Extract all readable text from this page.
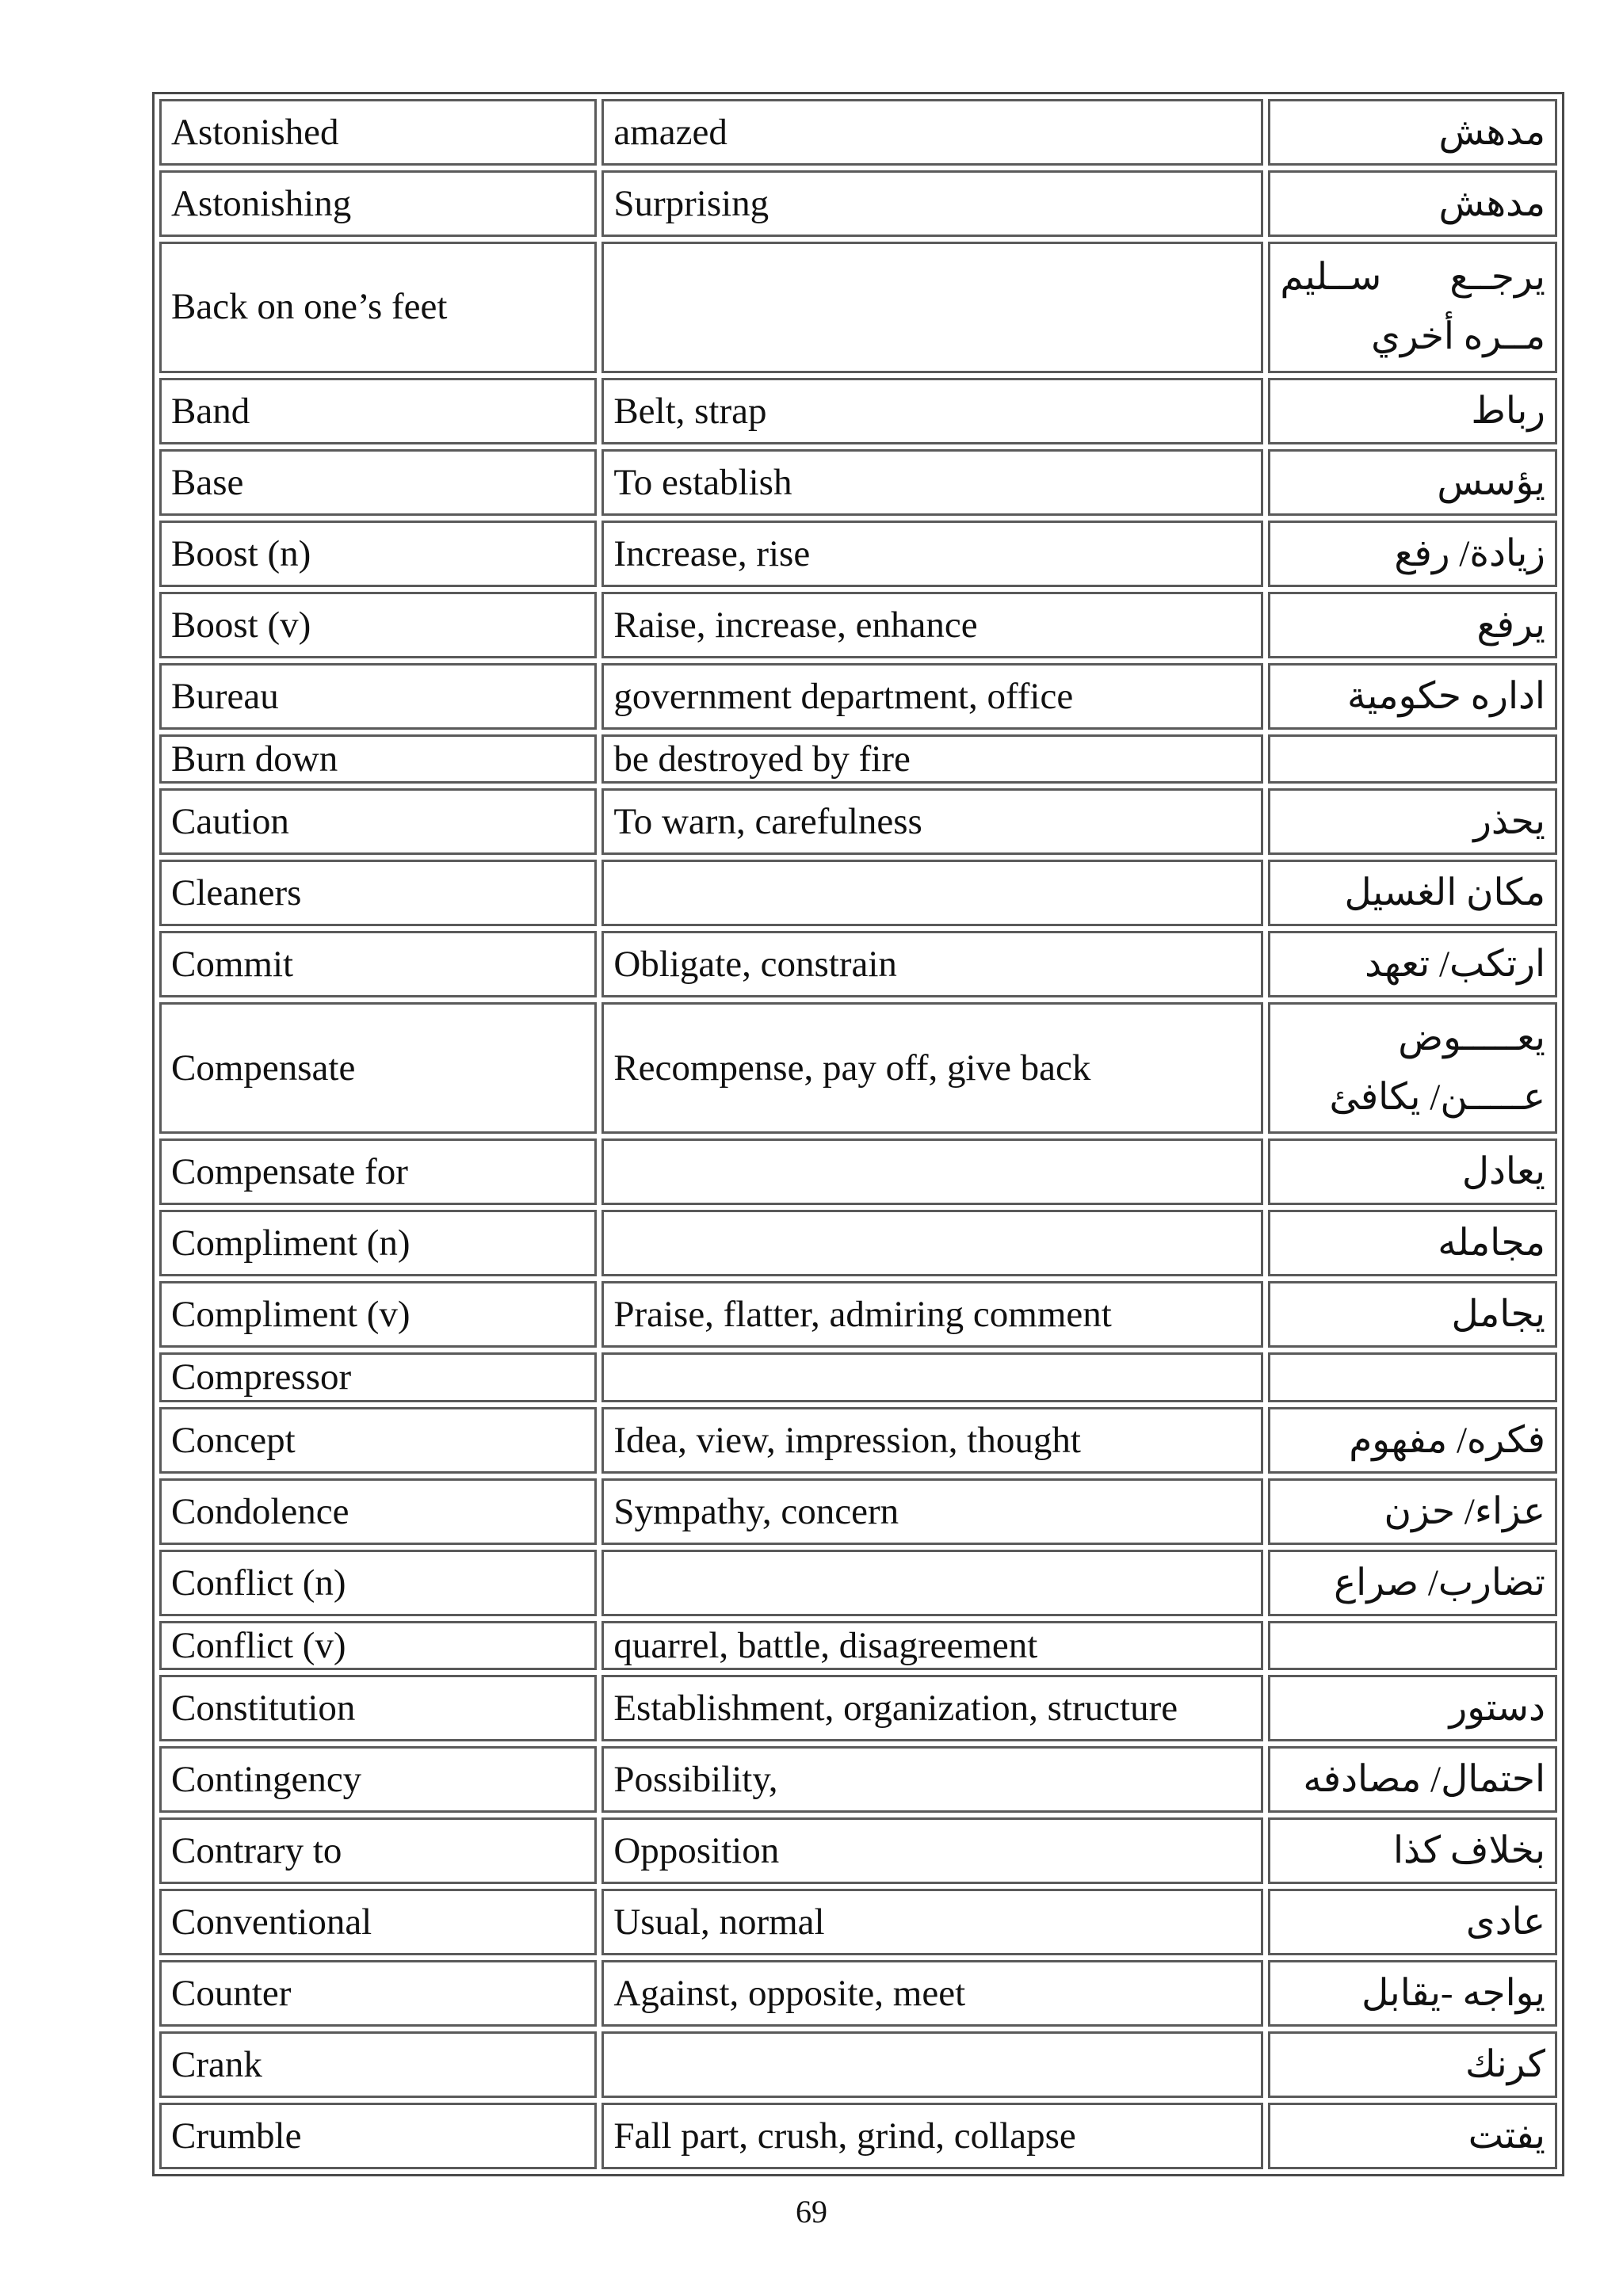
Astonished	amazed	مدهش
Astonishing	Surprising	مدهش
Back on one’s feet		يرجــع ســليم مــره أخري
Band	Belt, strap	رباط
Base	To establish	يؤسس
Boost (n)	Increase, rise	زيادة/ رفع
Boost (v)	Raise, increase, enhance	يرفع
Bureau	government department, office	اداره حكومية
Burn down	be destroyed by fire	
Caution	To warn, carefulness	يحذر
Cleaners		مكان الغسيل
Commit	Obligate, constrain	ارتكب/ تعهد
Compensate	Recompense, pay off, give back	يعـــــوض عـــــن/ يكافئ
Compensate for		يعادل
Compliment (n)		مجامله
Compliment (v)	Praise, flatter, admiring comment	يجامل
Compressor		
Concept	Idea, view, impression, thought	فكره/ مفهوم
Condolence	Sympathy, concern	عزاء/ حزن
Conflict (n)		تضارب/ صراع
Conflict (v)	quarrel, battle, disagreement	
Constitution	Establishment, organization, structure	دستور
Contingency	Possibility,	احتمال/ مصادفه
Contrary to	Opposition	بخلاف كذا
Conventional	Usual, normal	عادى
Counter	Against, opposite, meet	يواجه -يقابل
Crank		كرنك
Crumble	Fall part, crush, grind, collapse	يفتت
69
